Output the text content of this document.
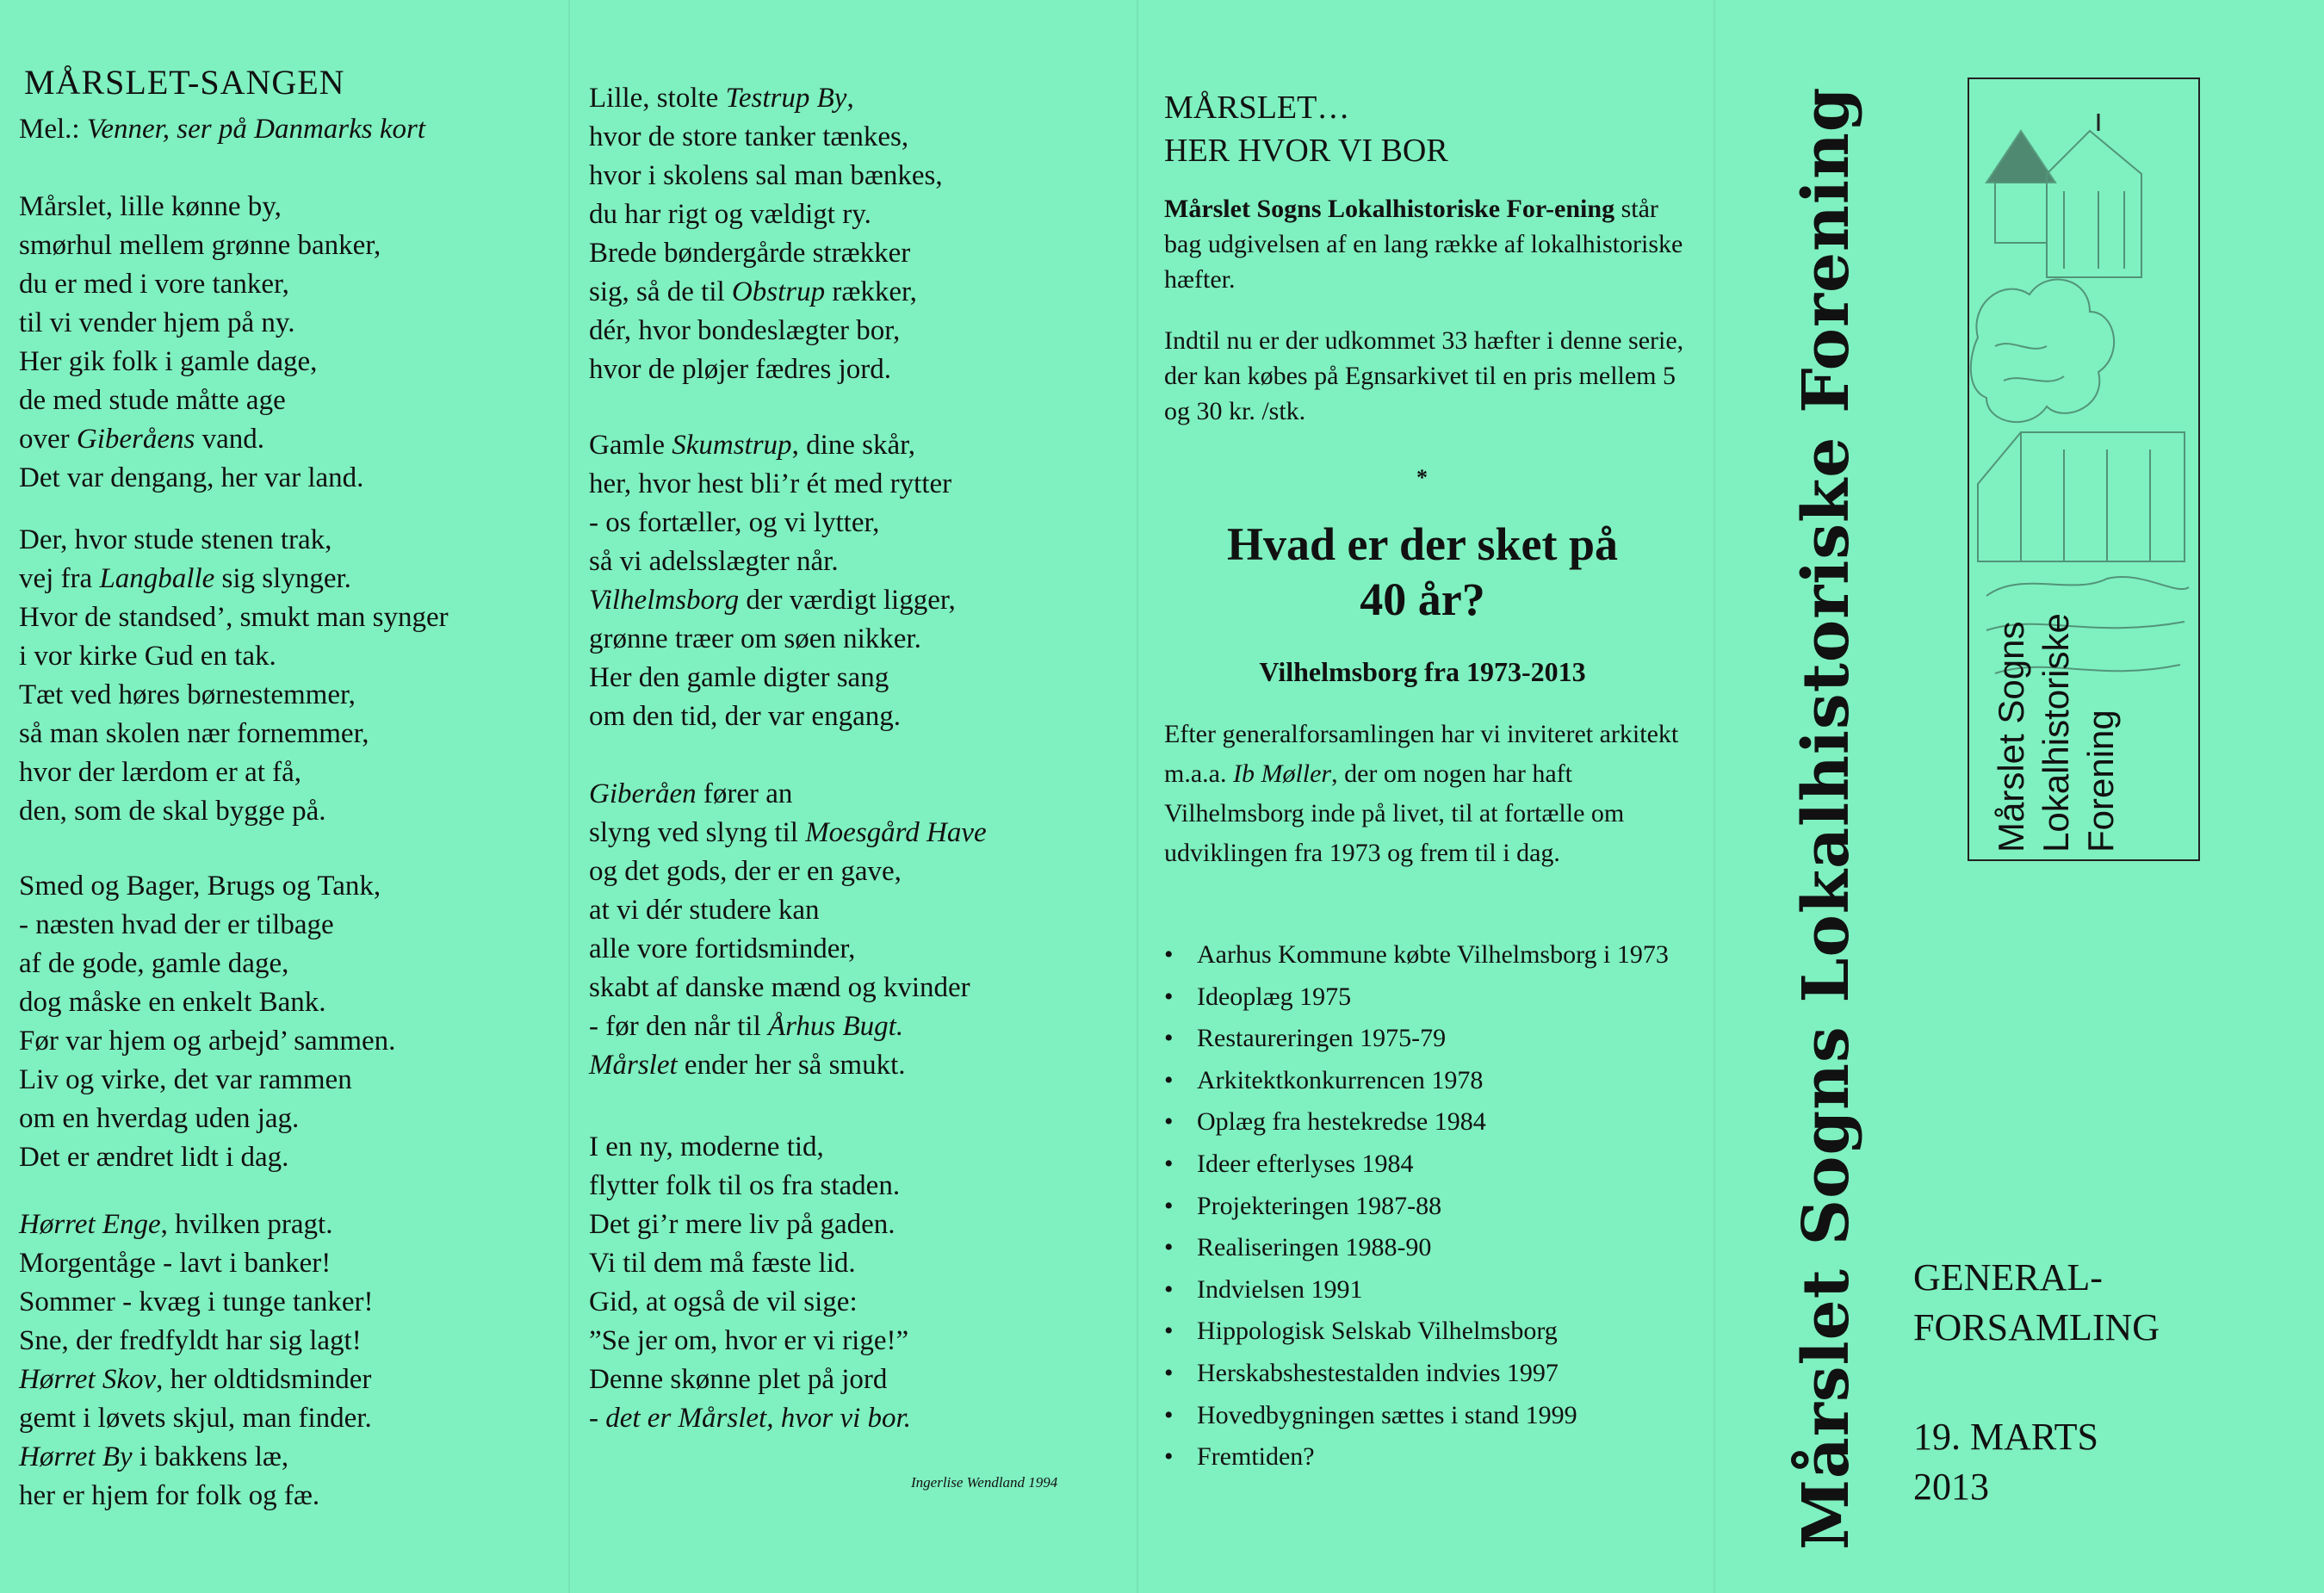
MÅRSLET-SANGEN
Mel.: Venner, ser på Danmarks kort
Mårslet, lille kønne by,
smørhul mellem grønne banker,
du er med i vore tanker,
til vi vender hjem på ny.
Her gik folk i gamle dage,
de med stude måtte age
over Giberåens vand.
Det var dengang, her var land.
Der, hvor stude stenen trak,
vej fra Langballe sig slynger.
Hvor de standsed’, smukt man synger
i vor kirke Gud en tak.
Tæt ved høres børnestemmer,
så man skolen nær fornemmer,
hvor der lærdom er at få,
den, som de skal bygge på.
Smed og Bager, Brugs og Tank,
- næsten hvad der er tilbage
af de gode, gamle dage,
dog måske en enkelt Bank.
Før var hjem og arbejd’ sammen.
Liv og virke, det var rammen
om en hverdag uden jag.
Det er ændret lidt i dag.
Hørret Enge, hvilken pragt.
Morgentåge - lavt i banker!
Sommer - kvæg i tunge tanker!
Sne, der fredfyldt har sig lagt!
Hørret Skov, her oldtidsminder
gemt i løvets skjul, man finder.
Hørret By i bakkens læ,
her er hjem for folk og fæ.
Lille, stolte Testrup By,
hvor de store tanker tænkes,
hvor i skolens sal man bænkes,
du har rigt og vældigt ry.
Brede bøndergårde strækker
sig, så de til Obstrup rækker,
dér, hvor bondeslægter bor,
hvor de pløjer fædres jord.
Gamle Skumstrup, dine skår,
her, hvor hest bli’r ét med rytter
- os fortæller, og vi lytter,
så vi adelsslægter når.
Vilhelmsborg der værdigt ligger,
grønne træer om søen nikker.
Her den gamle digter sang
om den tid, der var engang.
Giberåen fører an
slyng ved slyng til Moesgård Have
og det gods, der er en gave,
at vi dér studere kan
alle vore fortidsminder,
skabt af danske mænd og kvinder
- før den når til Århus Bugt.
Mårslet ender her så smukt.
I en ny, moderne tid,
flytter folk til os fra staden.
Det gi’r mere liv på gaden.
Vi til dem må fæste lid.
Gid, at også de vil sige:
”Se jer om, hvor er vi rige!”
Denne skønne plet på jord
- det er Mårslet, hvor vi bor.
Ingerlise Wendland 1994
MÅRSLET…
HER HVOR VI BOR
Mårslet Sogns Lokalhistoriske For-ening står bag udgivelsen af en lang række af lokalhistoriske hæfter.
Indtil nu er der udkommet 33 hæfter i denne serie, der kan købes på Egnsarkivet til en pris mellem 5 og 30 kr. /stk.
*
Hvad er der sket på
40 år?
Vilhelmsborg fra 1973-2013
Efter generalforsamlingen har vi inviteret arkitekt m.a.a. Ib Møller, der om nogen har haft Vilhelmsborg inde på livet, til at fortælle om udviklingen fra 1973 og frem til i dag.
• Aarhus Kommune købte Vilhelmsborg i 1973
• Ideoplæg 1975
• Restaureringen 1975-79
• Arkitektkonkurrencen 1978
• Oplæg fra hestekredse 1984
• Ideer efterlyses 1984
• Projekteringen 1987-88
• Realiseringen 1988-90
• Indvielsen 1991
• Hippologisk Selskab Vilhelmsborg
• Herskabshestestalden indvies 1997
• Hovedbygningen sættes i stand 1999
• Fremtiden?	Mårslet Sogns Lokalhistoriske Forening	Mårslet Sogns Lokalhistoriske Forening
GENERAL-
FORSAMLING
19. MARTS
2013
